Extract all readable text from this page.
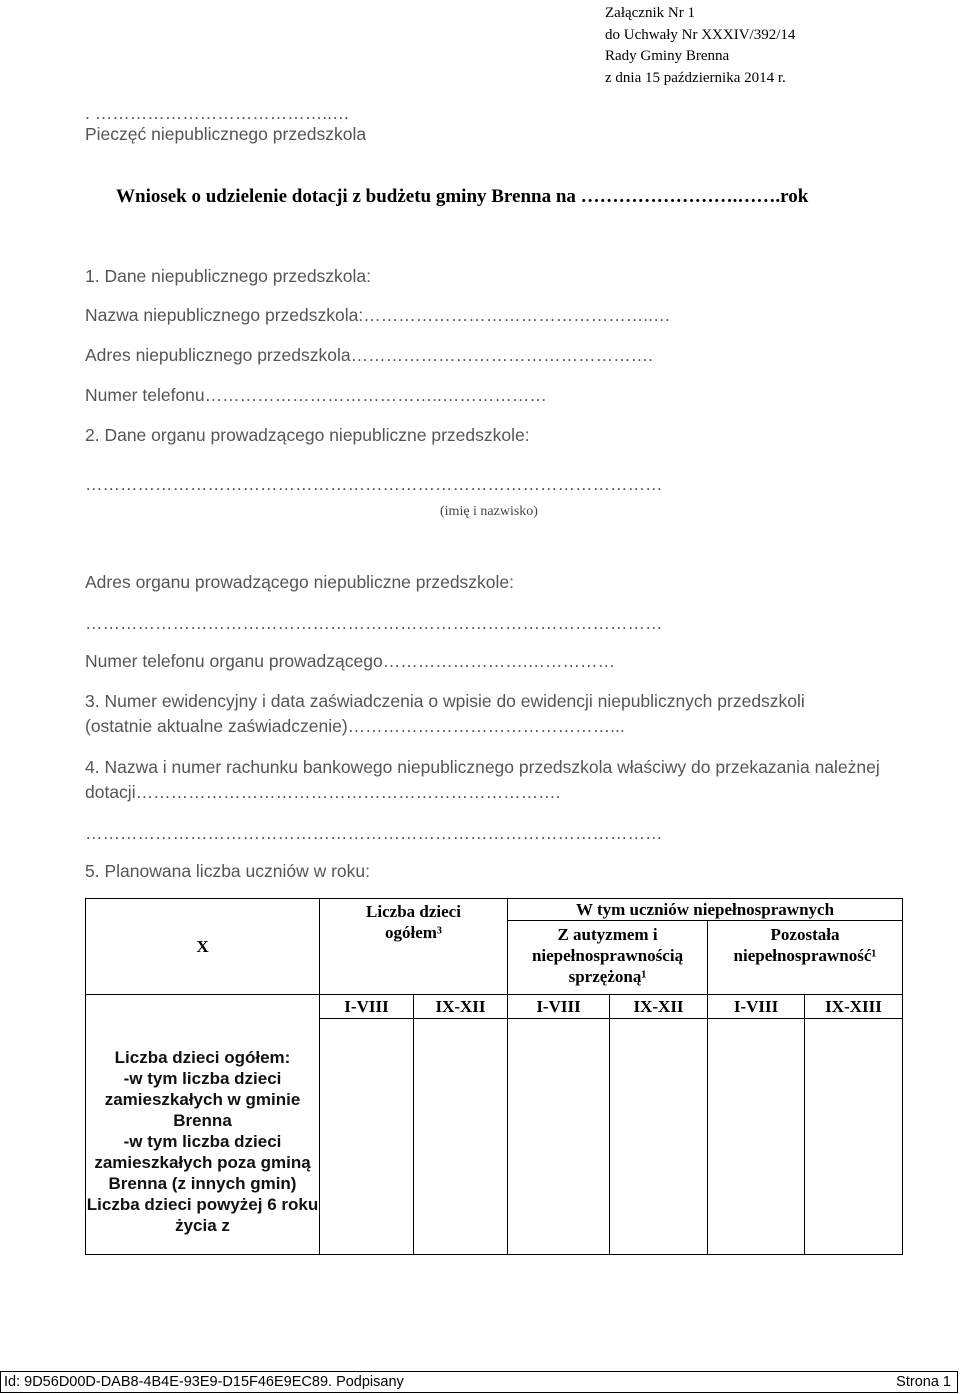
Załącznik Nr 1
do Uchwały Nr XXXIV/392/14
Rady Gminy Brenna
z dnia 15 października 2014 r.
. …………………………………..…
Pieczęć niepublicznego przedszkola
Wniosek o udzielenie dotacji z budżetu gminy Brenna na …………………….…….rok
1. Dane niepublicznego przedszkola:
Nazwa niepublicznego przedszkola:…………………………………………..…
Adres niepublicznego przedszkola…………………………………………….
Numer telefonu…………………………………..………………
2. Dane organu prowadzącego niepubliczne przedszkole:
………………………………………………………………………………………
(imię i nazwisko)
Adres organu prowadzącego niepubliczne przedszkole:
………………………………………………………………………………………
Numer telefonu organu prowadzącego…………………….……………
3. Numer ewidencyjny i data zaświadczenia o wpisie do ewidencji niepublicznych przedszkoli
(ostatnie aktualne zaświadczenie)………………………………………...
4. Nazwa i numer rachunku bankowego niepublicznego przedszkola właściwy do przekazania należnej
dotacji……………………………………………………………….
………………………………………………………………………………………
5. Planowana liczba uczniów w roku:
X	Liczba dzieci ogółem³		W tym uczniów niepełnosprawnych			
			Z autyzmem i niepełnosprawnością sprzężoną¹		Pozostała niepełnosprawność¹	

	I-VIII	IX-XII	I-VIII	IX-XII	I-VIII	IX-XIII

Liczba dzieci ogółem:
-w tym liczba dzieci zamieszkałych w gminie Brenna
-w tym liczba dzieci zamieszkałych poza gminą Brenna (z innych gmin)
Liczba dzieci powyżej 6 roku życia z						
Id: 9D56D00D-DAB8-4B4E-93E9-D15F46E9EC89. Podpisany	Strona 1
